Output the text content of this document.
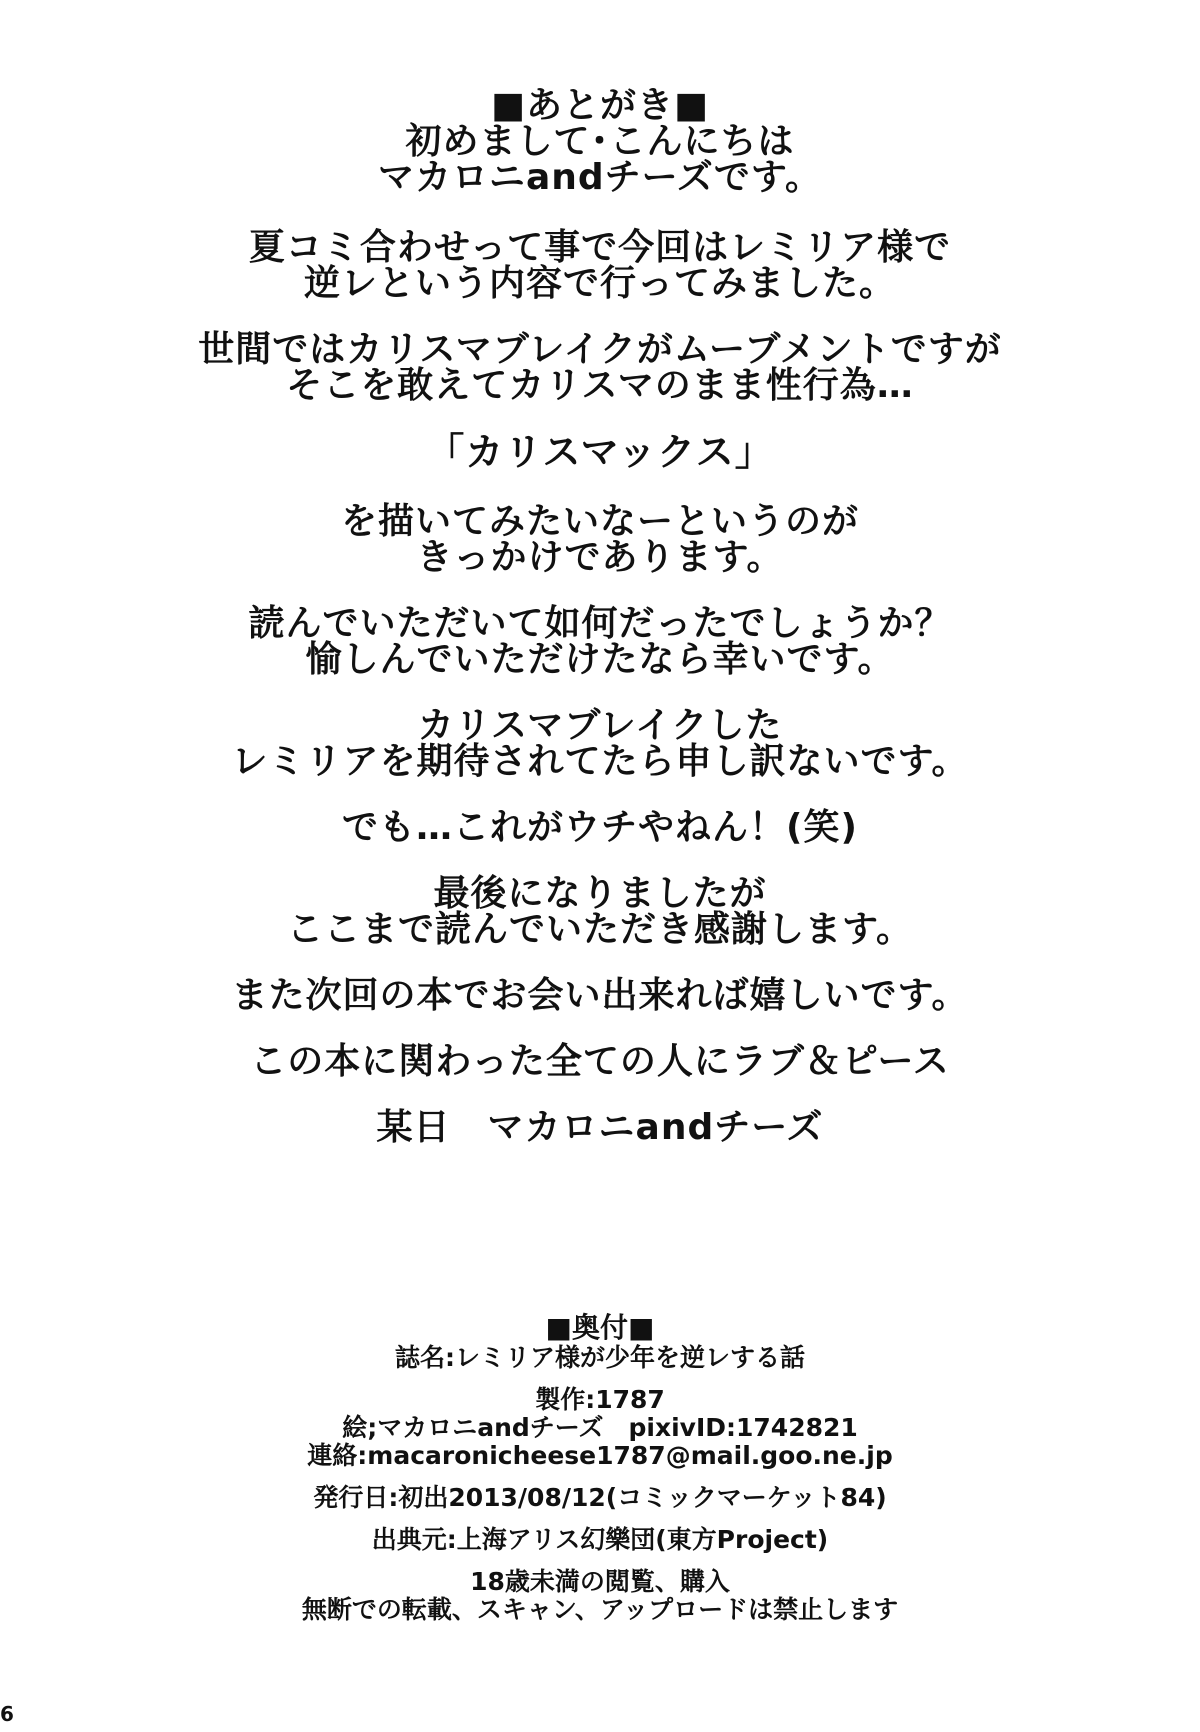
■あとがき■
初めまして･こんにちは
マカロニandチーズです。
夏コミ合わせって事で今回はレミリア様で
逆レという内容で行ってみました。
世間ではカリスマブレイクがムーブメントですが
そこを敢えてカリスマのまま性行為…
「カリスマックス」
を描いてみたいなーというのが
きっかけであります。
読んでいただいて如何だったでしょうか？
愉しんでいただけたなら幸いです。
カリスマブレイクした
レミリアを期待されてたら申し訳ないです。
でも…これがウチやねん！(笑)
最後になりましたが
ここまで読んでいただき感謝します。
また次回の本でお会い出来れば嬉しいです。
この本に関わった全ての人にラブ＆ピース
某日　マカロニandチーズ
■奥付■
誌名:レミリア様が少年を逆レする話
製作:1787
絵;マカロニandチーズ　pixivID:1742821
連絡:macaronicheese1787@mail.goo.ne.jp
発行日:初出2013/08/12(コミックマーケット84)
出典元:上海アリス幻樂団(東方Project)
18歳未満の閲覧、購入
無断での転載、スキャン、アップロードは禁止します
6
